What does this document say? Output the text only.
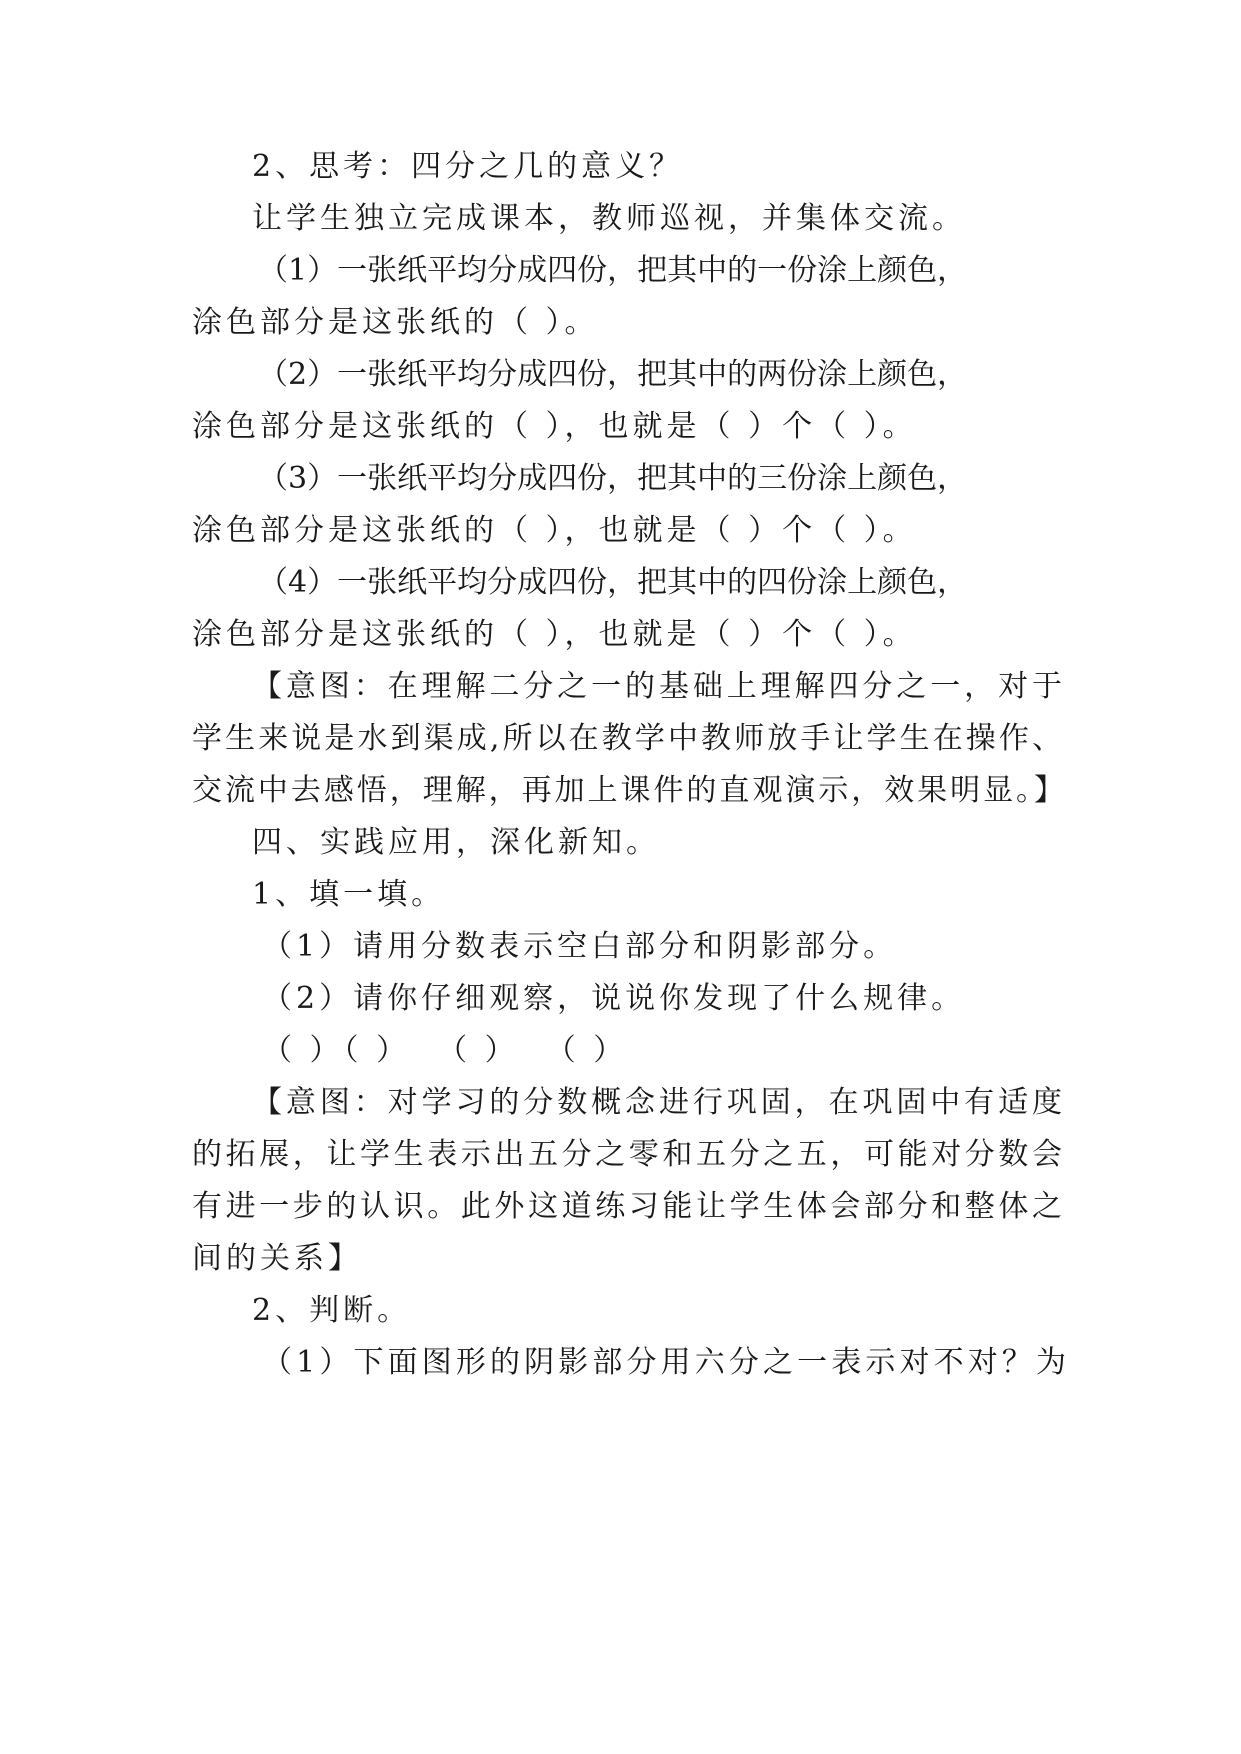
2、思考：四分之几的意义？
让学生独立完成课本，教师巡视，并集体交流。
（1）一张纸平均分成四份，把其中的一份涂上颜色，
涂色部分是这张纸的（ ）。
（2）一张纸平均分成四份，把其中的两份涂上颜色，
涂色部分是这张纸的（ ），也就是（ ）个（ ）。
（3）一张纸平均分成四份，把其中的三份涂上颜色，
涂色部分是这张纸的（ ），也就是（ ）个（ ）。
（4）一张纸平均分成四份，把其中的四份涂上颜色，
涂色部分是这张纸的（ ），也就是（ ）个（ ）。
【意图：在理解二分之一的基础上理解四分之一，对于
学生来说是水到渠成,所以在教学中教师放手让学生在操作、
交流中去感悟，理解，再加上课件的直观演示，效果明显。】
四、实践应用，深化新知。
1、填一填。
（1）请用分数表示空白部分和阴影部分。
（2）请你仔细观察，说说你发现了什么规律。
（ ）（ ）  （ ）  （ ）
【意图：对学习的分数概念进行巩固，在巩固中有适度
的拓展，让学生表示出五分之零和五分之五，可能对分数会
有进一步的认识。此外这道练习能让学生体会部分和整体之
间的关系】
2、判断。
（1）下面图形的阴影部分用六分之一表示对不对？为
